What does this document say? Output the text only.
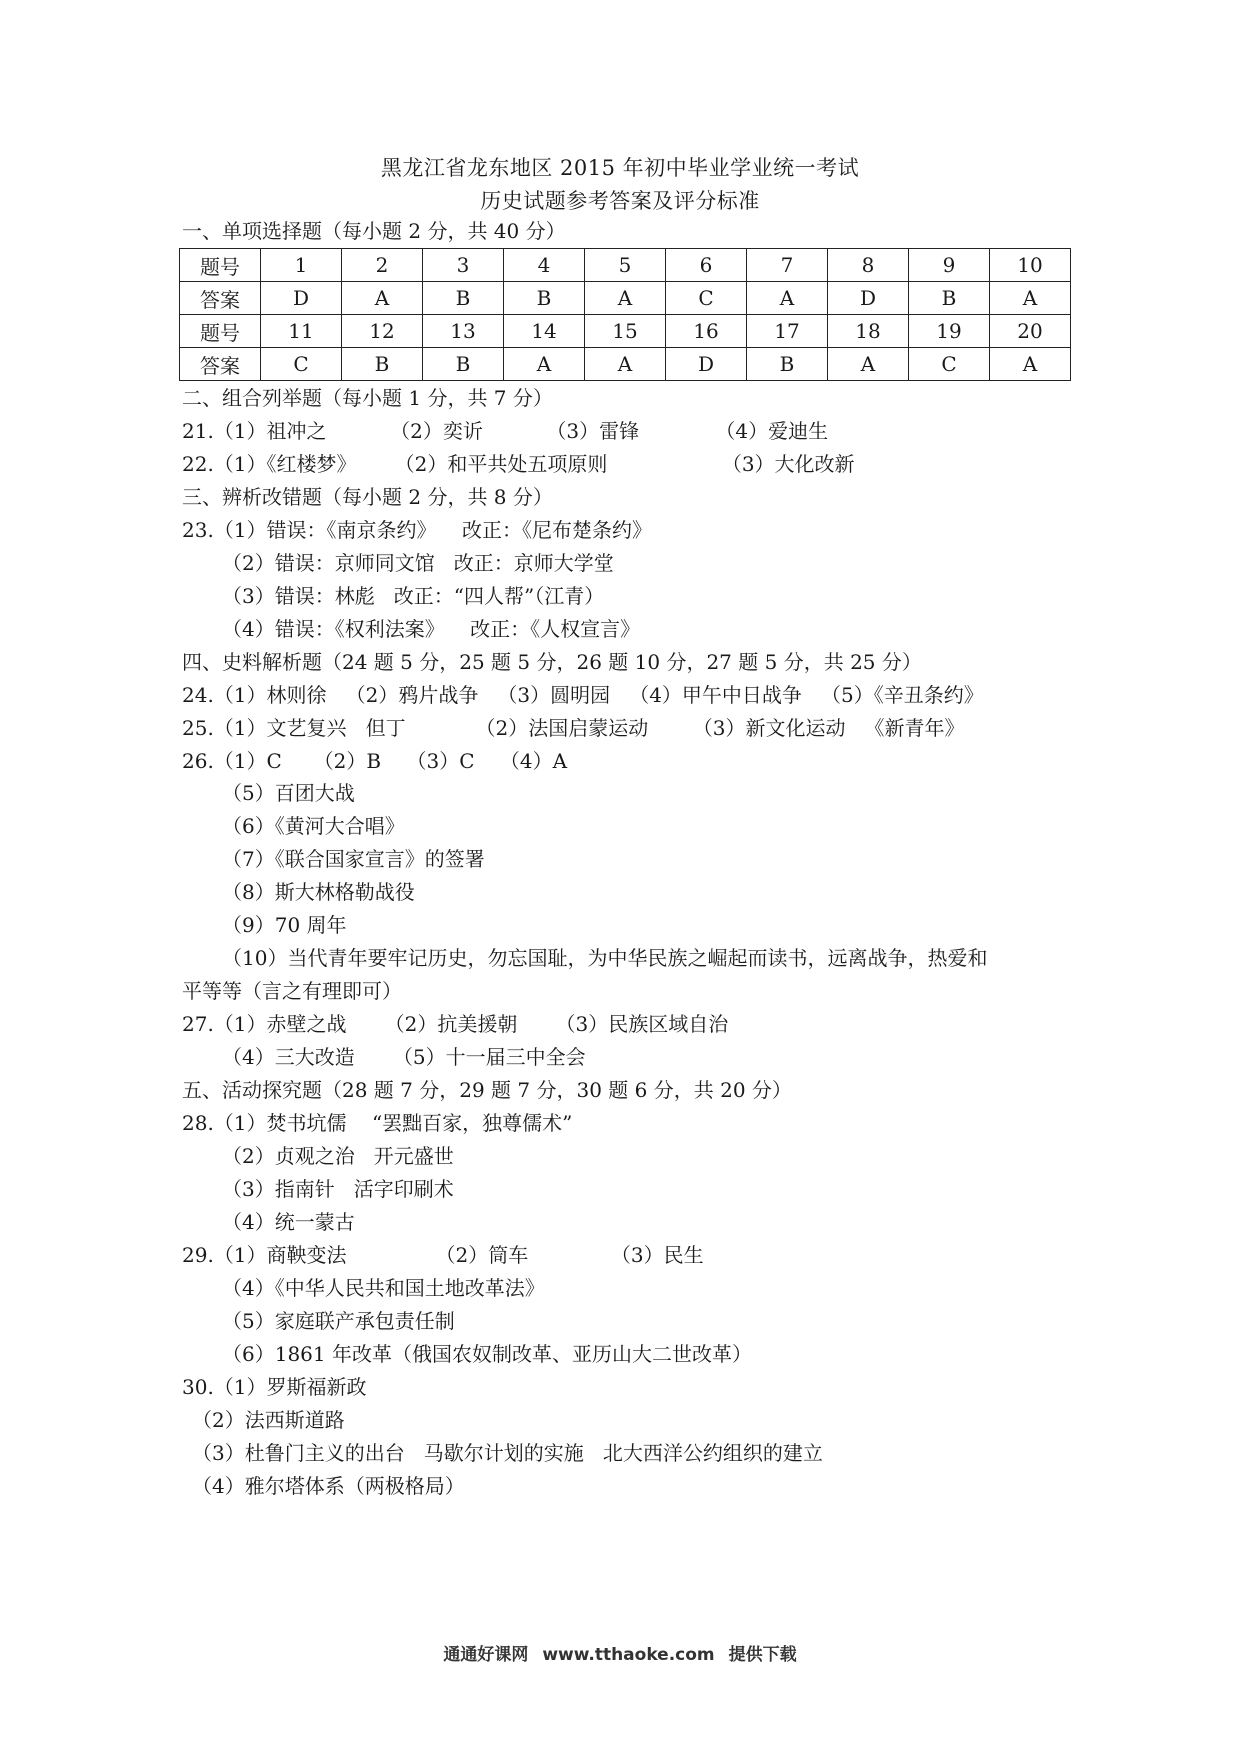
黑龙江省龙东地区 2015 年初中毕业学业统一考试
历史试题参考答案及评分标准
一、单项选择题（每小题 2 分，共 40 分）
题号	1	2	3	4	5	6	7	8	9	10
答案	D	A	B	B	A	C	A	D	B	A
题号	11	12	13	14	15	16	17	18	19	20
答案	C	B	B	A	A	D	B	A	C	A
二、组合列举题（每小题 1 分，共 7 分）
21.（1）祖冲之          （2）奕䜣          （3）雷锋            （4）爱迪生
22.（1）《红楼梦》      （2）和平共处五项原则                  （3）大化改新
三、辨析改错题（每小题 2 分，共 8 分）
23.（1）错误：《南京条约》    改正：《尼布楚条约》
（2）错误：京师同文馆   改正：京师大学堂
（3）错误：林彪   改正：“四人帮”（江青）
（4）错误：《权利法案》    改正：《人权宣言》
四、史料解析题（24 题 5 分，25 题 5 分，26 题 10 分，27 题 5 分，共 25 分）
24.（1）林则徐   （2）鸦片战争   （3）圆明园   （4）甲午中日战争   （5）《辛丑条约》
25.（1）文艺复兴   但丁           （2）法国启蒙运动       （3）新文化运动   《新青年》
26.（1）C     （2）B    （3）C    （4）A
（5）百团大战
（6）《黄河大合唱》
（7）《联合国家宣言》的签署
（8）斯大林格勒战役
（9）70 周年
（10）当代青年要牢记历史，勿忘国耻，为中华民族之崛起而读书，远离战争，热爱和
平等等（言之有理即可）
27.（1）赤壁之战      （2）抗美援朝      （3）民族区域自治
（4）三大改造      （5）十一届三中全会
五、活动探究题（28 题 7 分，29 题 7 分，30 题 6 分，共 20 分）
28.（1）焚书坑儒    “罢黜百家，独尊儒术”
（2）贞观之治   开元盛世
（3）指南针   活字印刷术
（4）统一蒙古
29.（1）商鞅变法              （2）筒车             （3）民生
（4）《中华人民共和国土地改革法》
（5）家庭联产承包责任制
（6）1861 年改革（俄国农奴制改革、亚历山大二世改革）
30.（1）罗斯福新政
（2）法西斯道路
（3）杜鲁门主义的出台   马歇尔计划的实施   北大西洋公约组织的建立
（4）雅尔塔体系（两极格局）
通通好课网 www.tthaoke.com 提供下载
